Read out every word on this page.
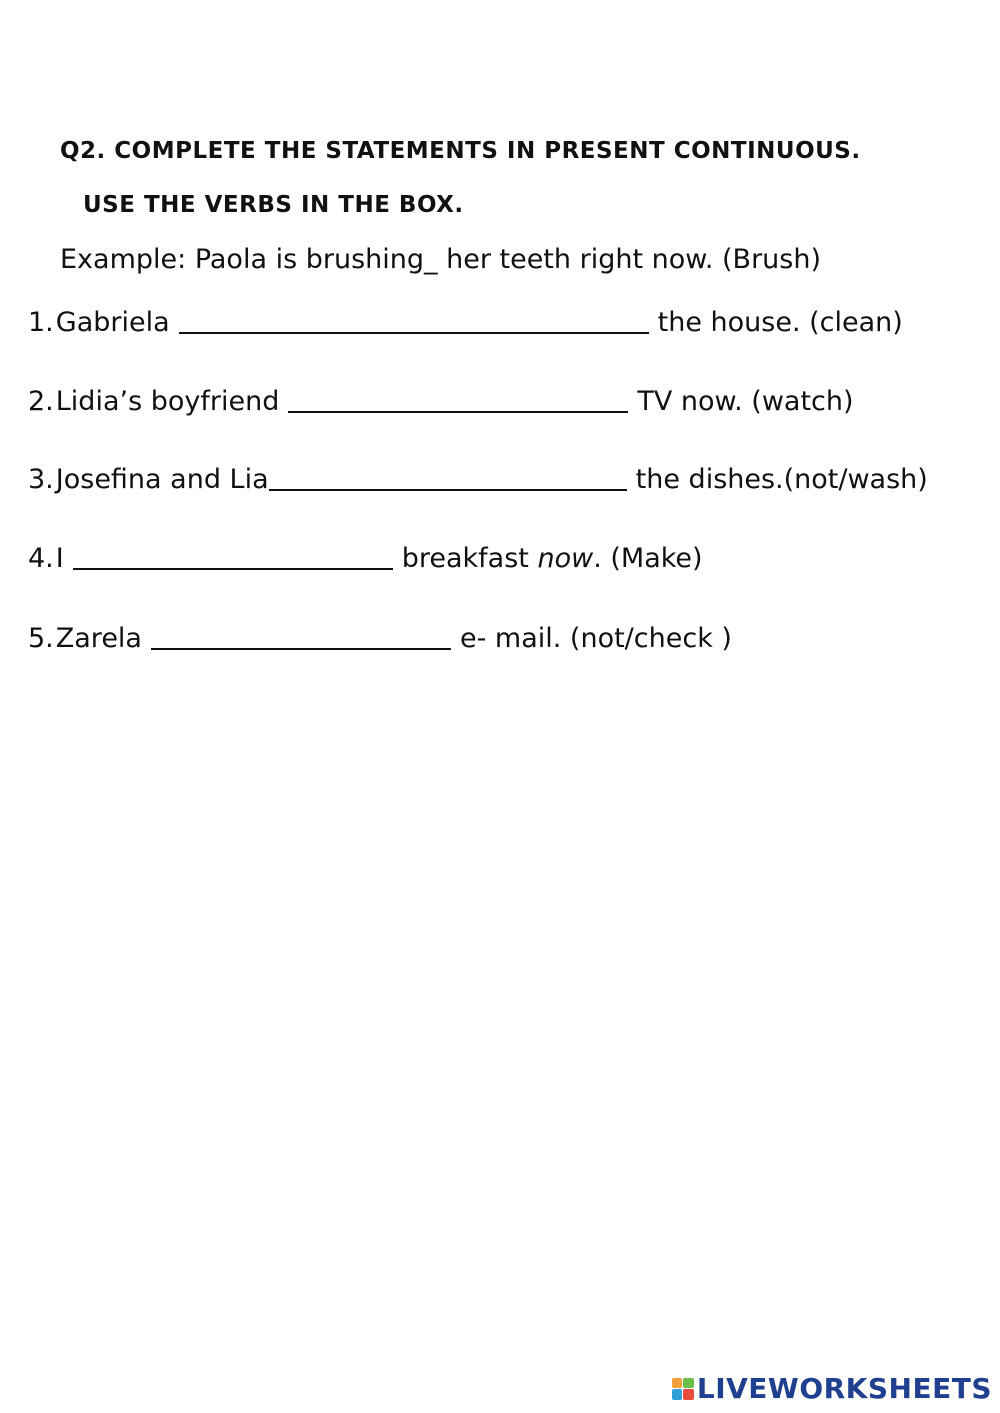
Q2. COMPLETE THE STATEMENTS IN PRESENT CONTINUOUS.
USE THE VERBS IN THE BOX.
Example: Paola is brushing_ her teeth right now. (Brush)
1. Gabriela	the house. (clean)
2. Lidia’s boyfriend	TV now. (watch)
3. Josefina and Lia	the dishes.(not/wash)
4. I	breakfast now. (Make)
5. Zarela	e- mail. (not/check )
LIVEWORKSHEETS
